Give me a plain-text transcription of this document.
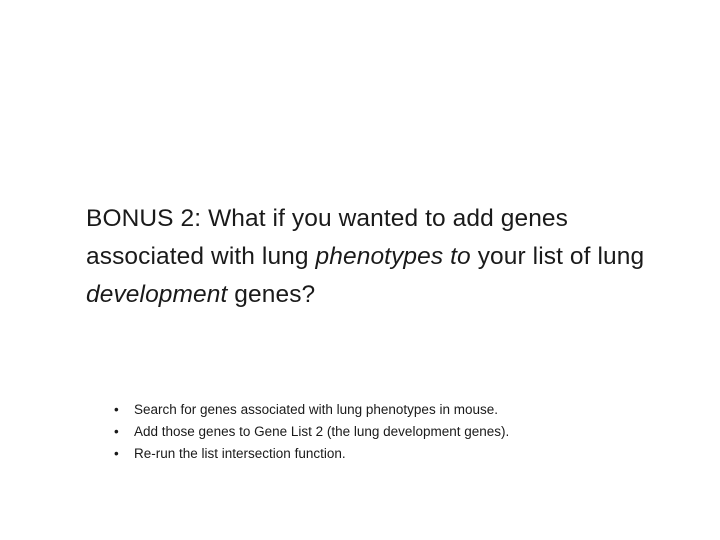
BONUS 2: What if you wanted to add genes associated with lung phenotypes to your list of lung development genes?
• Search for genes associated with lung phenotypes in mouse.
• Add those genes to Gene List 2 (the lung development genes).
• Re-run the list intersection function.
